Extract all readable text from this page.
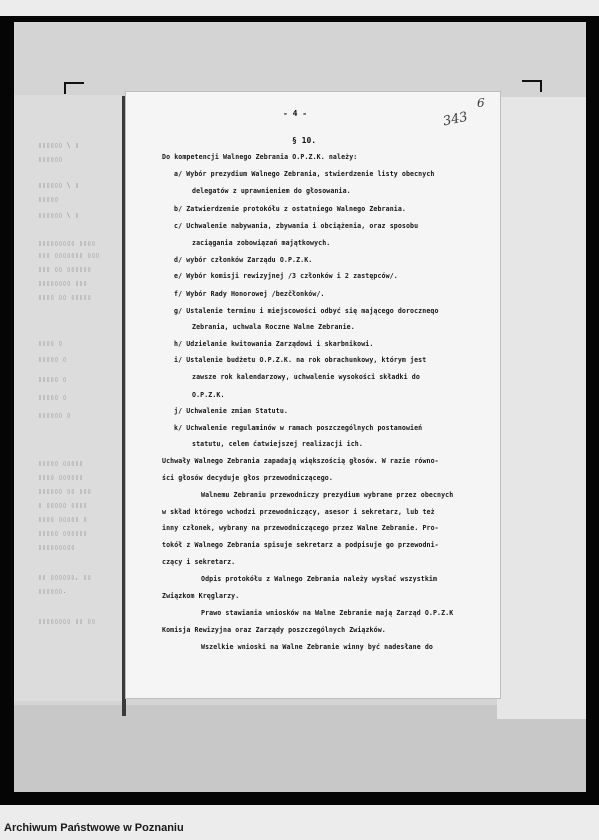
▯▯▯▯▯▯ \ ▯
▯▯▯▯▯▯
▯▯▯▯▯▯ \ ▯
▯▯▯▯▯
▯▯▯▯▯▯ \ ▯
▯▯▯▯▯▯▯▯▯ ▯▯▯▯
▯▯▯ ▯▯▯▯▯▯▯ ▯▯▯
▯▯▯ ▯▯ ▯▯▯▯▯▯
▯▯▯▯▯▯▯▯ ▯▯▯
▯▯▯▯ ▯▯ ▯▯▯▯▯
▯▯▯▯ ▯
▯▯▯▯▯ ▯
▯▯▯▯▯ ▯
▯▯▯▯▯ ▯
▯▯▯▯▯▯ ▯
▯▯▯▯▯ ▯▯▯▯▯
▯▯▯▯ ▯▯▯▯▯▯
▯▯▯▯▯▯ ▯▯ ▯▯▯
▯ ▯▯▯▯▯ ▯▯▯▯
▯▯▯▯ ▯▯▯▯▯ ▯
▯▯▯▯▯ ▯▯▯▯▯▯
▯▯▯▯▯▯▯▯▯
▯▯ ▯▯▯▯▯▯, ▯▯
▯▯▯▯▯▯.
▯▯▯▯▯▯▯▯ ▯▯ ▯▯
- 4 -	343
6
§ 10.
Do kompetencji Walnego Zebrania O.P.Z.K. należy:
a/ Wybór prezydium Walnego Zebrania, stwierdzenie listy obecnych
delegatów z uprawnieniem do głosowania.
b/ Zatwierdzenie protokółu z ostatniego Walnego Zebrania.
c/ Uchwalenie nabywania, zbywania i obciążenia, oraz sposobu
zaciągania zobowiązań majątkowych.
d/ wybór członków Zarządu O.P.Z.K.
e/ Wybór komisji rewizyjnej /3 członków i 2 zastępców/.
f/ Wybór Rady Honorowej /bezčłonków/.
g/ Ustalenie terminu i miejscowości odbyć się mającego doroczneqo
Zebrania, uchwala Roczne Walne Zebranie.
h/ Udzielanie kwitowania Zarządowi i skarbnikowi.
i/ Ustalenie budżetu O.P.Z.K. na rok obrachunkowy, którym jest
zawsze rok kalendarzowy, uchwalenie wysokości składki do
O.P.Z.K.
j/ Uchwalenie zmian Statutu.
k/ Uchwalenie regulaminów w ramach poszczególnych postanowień
statutu, celem ćatwiejszej realizacji ich.
Uchwały Walnego Zebrania zapadają większością głosów. W razie równo-
ści głosów decyduje głos przewodniczącego.
Walnemu Zebraniu przewodniczy prezydium wybrane przez obecnych
w skład którego wchodzi przewodniczący, asesor i sekretarz, lub też
inny członek, wybrany na przewodniczącego przez Walne Zebranie. Pro-
tokół z Walnego Zebrania spisuje sekretarz a podpisuje go przewodni-
czący i sekretarz.
Odpis protokółu z Walnego Zebrania należy wysłać wszystkim
Związkom Kręglarzy.
Prawo stawiania wniosków na Walne Zebranie mają Zarząd O.P.Z.K
Komisja Rewizyjna oraz Zarządy poszczególnych Związków.
Wszelkie wnioski na Walne Zebranie winny być nadesłane do
Archiwum Państwowe w Poznaniu
